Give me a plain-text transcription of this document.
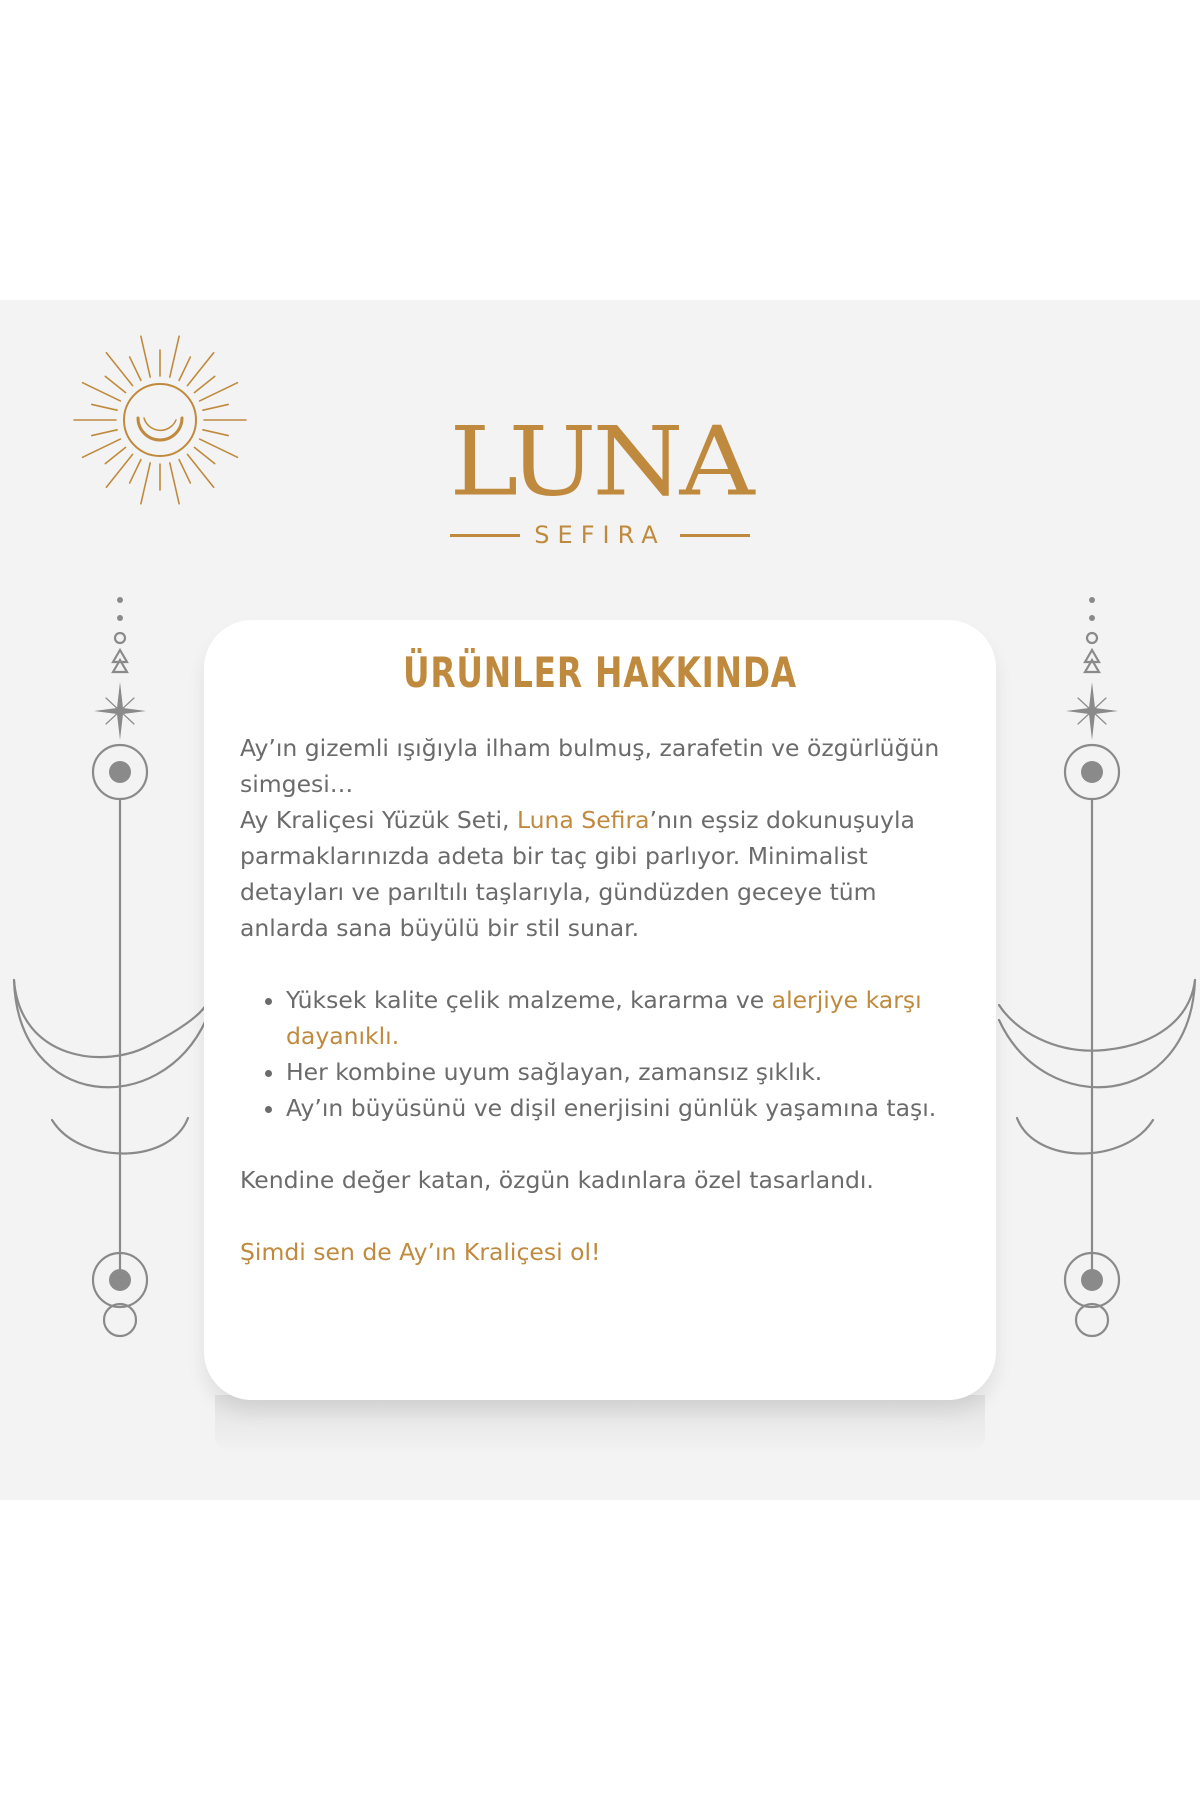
LUNA
SEFIRA
ÜRÜNLER HAKKINDA

Ay’ın gizemli ışığıyla ilham bulmuş, zarafetin ve özgürlüğün simgesi…

Ay Kraliçesi Yüzük Seti, Luna Sefira’nın eşsiz dokunuşuyla parmaklarınızda adeta bir taç gibi parlıyor. Minimalist detayları ve parıltılı taşlarıyla, gündüzden geceye tüm anlarda sana büyülü bir stil sunar.

• Yüksek kalite çelik malzeme, kararma ve alerjiye karşı dayanıklı.
• Her kombine uyum sağlayan, zamansız şıklık.
• Ay’ın büyüsünü ve dişil enerjisini günlük yaşamına taşı.

Kendine değer katan, özgün kadınlara özel tasarlandı.

Şimdi sen de Ay’ın Kraliçesi ol!
